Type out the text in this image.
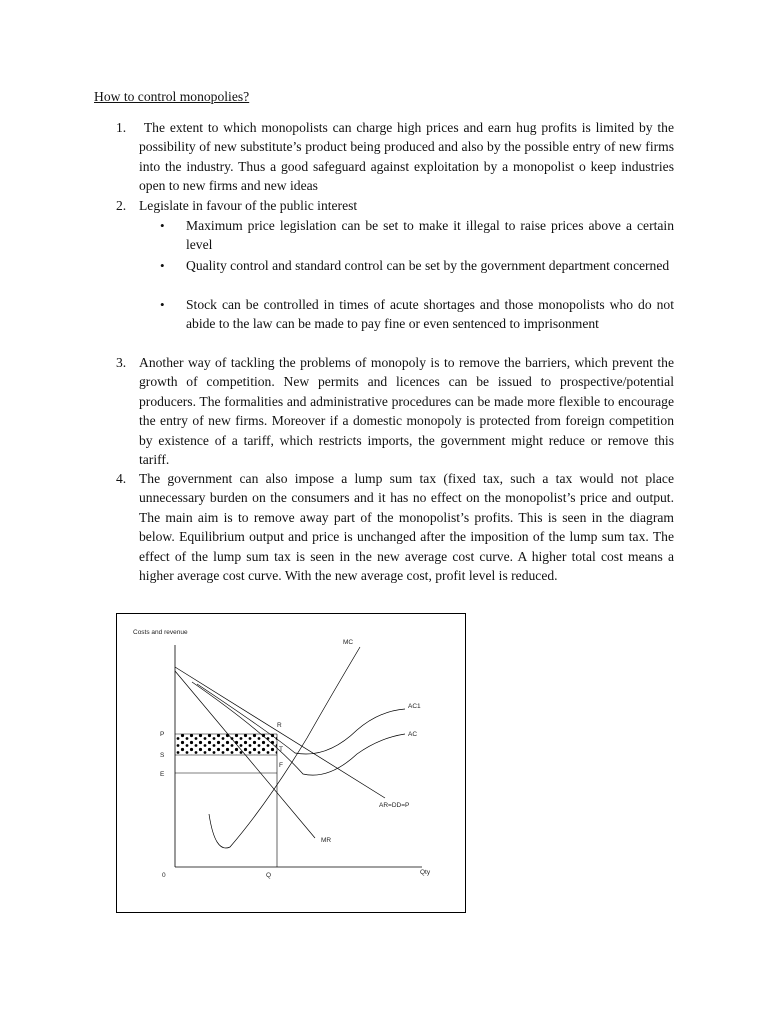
How to control monopolies?
1. The extent to which monopolists can charge high prices and earn hug profits is limited by the possibility of new substitute’s product being produced and also by the possible entry of new firms into the industry. Thus a good safeguard against exploitation by a monopolist o keep industries open to new firms and new ideas

2. Legislate in favour of the public interest

• Maximum price legislation can be set to make it illegal to raise prices above a certain level

• Quality control and standard control can be set by the government department concerned

• Stock can be controlled in times of acute shortages and those monopolists who do not abide to the law can be made to pay fine or even sentenced to imprisonment

3. Another way of tackling the problems of monopoly is to remove the barriers, which prevent the growth of competition. New permits and licences can be issued to prospective/potential producers. The formalities and administrative procedures can be made more flexible to encourage the entry of new firms. Moreover if a domestic monopoly is protected from foreign competition by existence of a tariff, which restricts imports, the government might reduce or remove this tariff.

4. The government can also impose a lump sum tax (fixed tax, such a tax would not place unnecessary burden on the consumers and it has no effect on the monopolist’s price and output. The main aim is to remove away part of the monopolist’s profits. This is seen in the diagram below. Equilibrium output and price is unchanged after the imposition of the lump sum tax. The effect of the lump sum tax is seen in the new average cost curve. A higher total cost means a higher average cost curve. With the new average cost, profit level is reduced.

Costs and revenue
MC
AC1
AC
AR=DD=P
MR
R
T
F
P
S
E
0	Q	Qty
